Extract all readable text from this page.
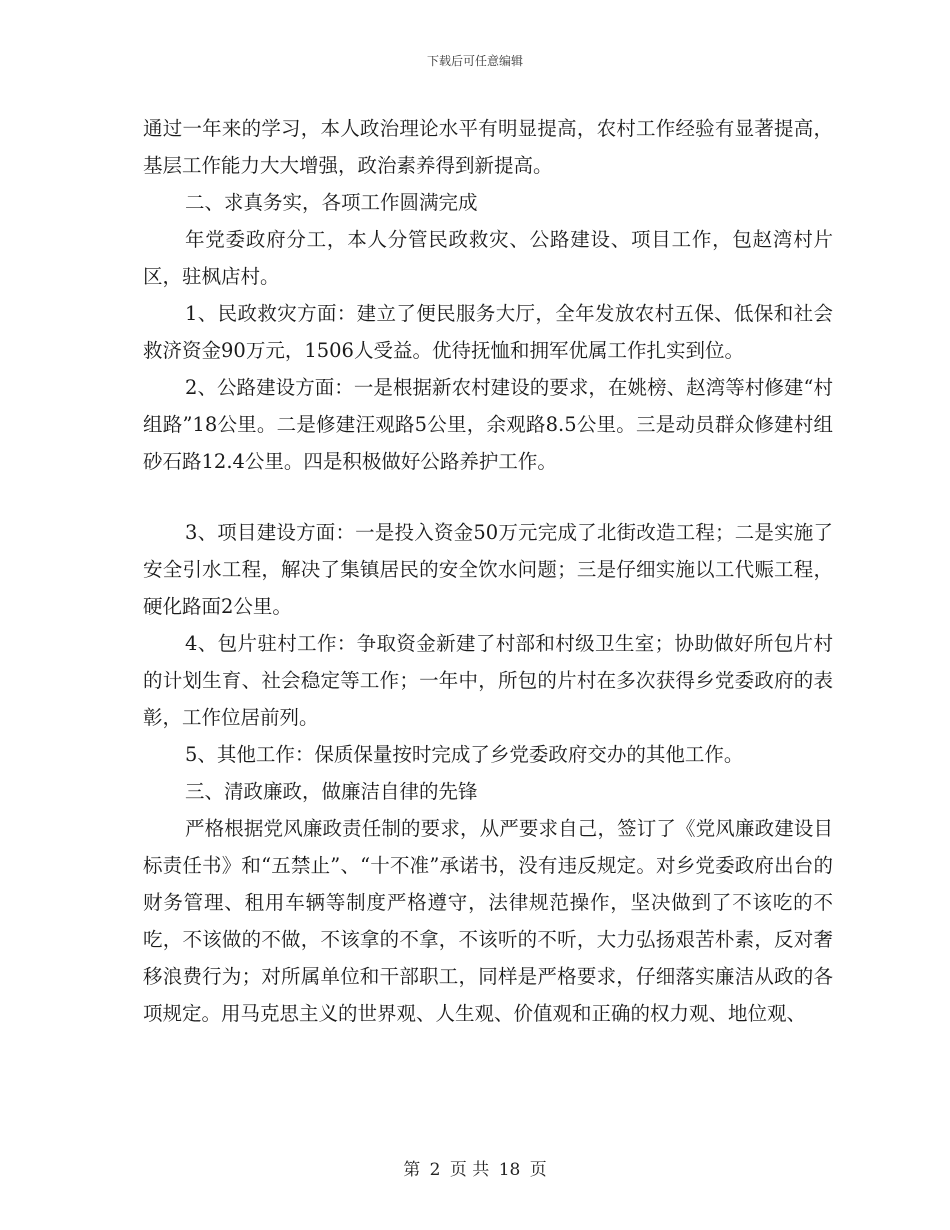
下载后可任意编辑

通过一年来的学习，本人政治理论水平有明显提高，农村工作经验有显著提高，基层工作能力大大增强，政治素养得到新提高。

二、求真务实，各项工作圆满完成

年党委政府分工，本人分管民政救灾、公路建设、项目工作，包赵湾村片区，驻枫店村。

1、民政救灾方面：建立了便民服务大厅，全年发放农村五保、低保和社会救济资金90万元，1506人受益。优待抚恤和拥军优属工作扎实到位。

2、公路建设方面：一是根据新农村建设的要求，在姚榜、赵湾等村修建“村组路”18公里。二是修建汪观路5公里，余观路8.5公里。三是动员群众修建村组砂石路12.4公里。四是积极做好公路养护工作。

3、项目建设方面：一是投入资金50万元完成了北街改造工程；二是实施了安全引水工程，解决了集镇居民的安全饮水问题；三是仔细实施以工代赈工程，硬化路面2公里。

4、包片驻村工作：争取资金新建了村部和村级卫生室；协助做好所包片村的计划生育、社会稳定等工作；一年中，所包的片村在多次获得乡党委政府的表彰，工作位居前列。

5、其他工作：保质保量按时完成了乡党委政府交办的其他工作。

三、清政廉政，做廉洁自律的先锋

严格根据党风廉政责任制的要求，从严要求自己，签订了《党风廉政建设目标责任书》和“五禁止”、“十不准”承诺书，没有违反规定。对乡党委政府出台的财务管理、租用车辆等制度严格遵守，法律规范操作，坚决做到了不该吃的不吃，不该做的不做，不该拿的不拿，不该听的不听，大力弘扬艰苦朴素，反对奢移浪费行为；对所属单位和干部职工，同样是严格要求，仔细落实廉洁从政的各项规定。用马克思主义的世界观、人生观、价值观和正确的权力观、地位观、

第 2 页 共 18 页
